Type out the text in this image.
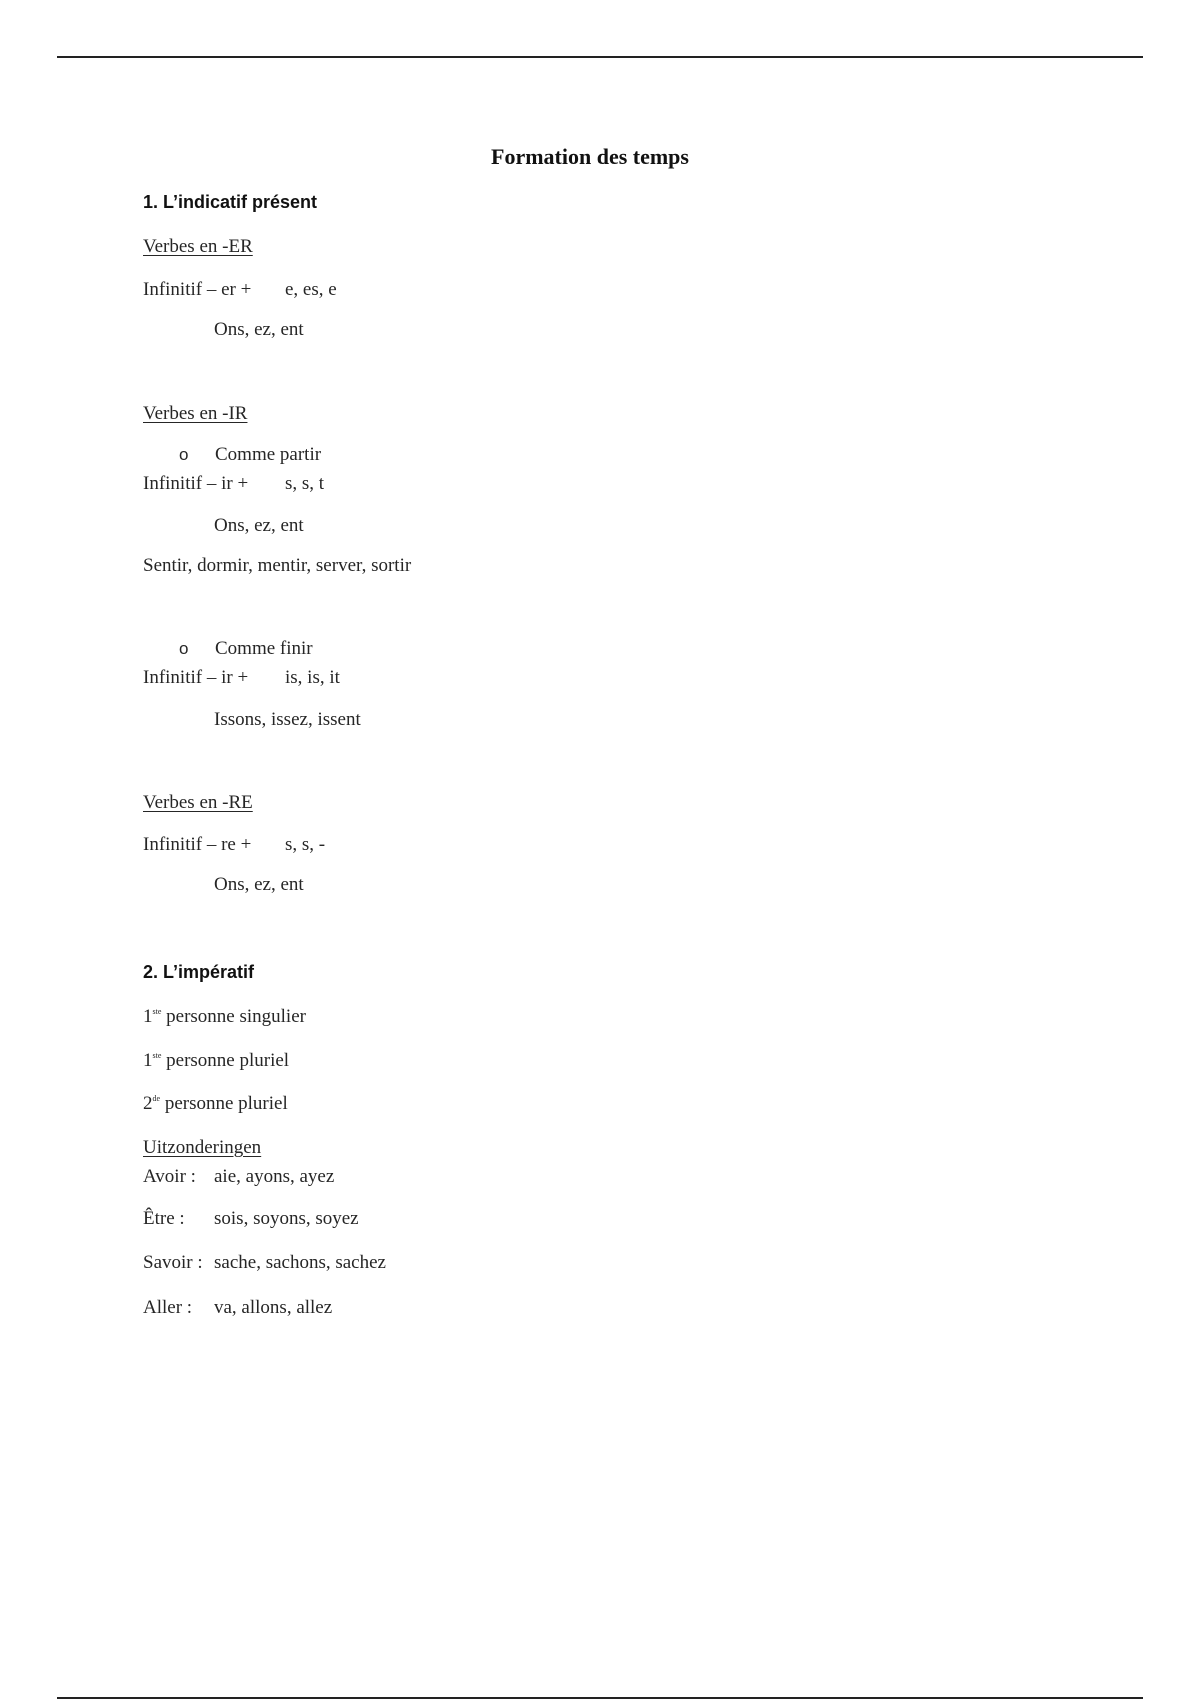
Formation des temps
1. L’indicatif présent
Verbes en -ER
Infinitif – er + e, es, e
Ons, ez, ent
Verbes en -IR
o Comme partir
Infinitif – ir + s, s, t
Ons, ez, ent
Sentir, dormir, mentir, server, sortir
o Comme finir
Infinitif – ir + is, is, it
Issons, issez, issent
Verbes en -RE
Infinitif – re + s, s, -
Ons, ez, ent
2. L’impératif
1ste personne singulier
1ste personne pluriel
2de personne pluriel
Uitzonderingen
Avoir : aie, ayons, ayez
Être : sois, soyons, soyez
Savoir : sache, sachons, sachez
Aller : va, allons, allez
